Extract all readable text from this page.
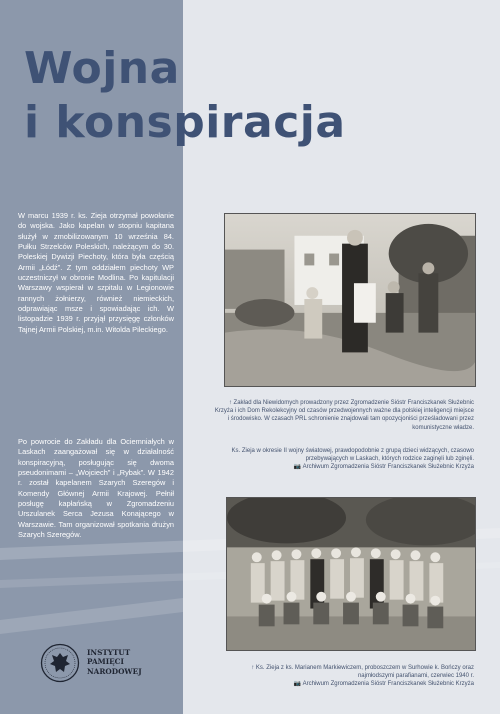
Wojna
i konspiracja

W marcu 1939 r. ks. Zieja otrzymał powołanie do wojska. Jako kapelan w stopniu kapitana służył w zmobilizowanym 10 września 84. Pułku Strzelców Poleskich, należącym do 30. Poleskiej Dywizji Piechoty, która była częścią Armii „Łódź”. Z tym oddziałem piechoty WP uczestniczył w obronie Modlina. Po kapitulacji Warszawy wspierał w szpitalu w Legionowie rannych żołnierzy, również niemieckich, odprawiając msze i spowiadając ich. W listopadzie 1939 r. przyjął przysięgę członków Tajnej Armii Polskiej, m.in. Witolda Pileckiego.

Po powrocie do Zakładu dla Ociemniałych w Laskach zaangażował się w działalność konspiracyjną, posługując się dwoma pseudonimami – „Wojciech” i „Rybak”. W 1942 r. został kapelanem Szarych Szeregów i Komendy Głównej Armii Krajowej. Pełnił posługę kapłańską w Zgromadzeniu Urszulanek Serca Jezusa Konającego w Warszawie. Tam organizował spotkania drużyn Szarych Szeregów.

↑ Zakład dla Niewidomych prowadzony przez Zgromadzenie Sióstr Franciszkanek Służebnic Krzyża i ich Dom Rekolekcyjny od czasów przedwojennych ważne dla polskiej inteligencji miejsce i środowisko. W czasach PRL schronienie znajdowali tam opozycjoniści prześladowani przez komunistyczne władze.

Ks. Zieja w okresie II wojny światowej, prawdopodobnie z grupą dzieci widzących, czasowo przebywających w Laskach, których rodzice zaginęli lub zginęli.
📷 Archiwum Zgromadzenia Sióstr Franciszkanek Służebnic Krzyża

↑ Ks. Zieja z ks. Marianem Markiewiczem, proboszczem w Surhowie k. Bończy oraz najmłodszymi parafianami, czerwiec 1940 r.
📷 Archiwum Zgromadzenia Sióstr Franciszkanek Służebnic Krzyża

INSTYTUT
PAMIĘCI
NARODOWEJ
